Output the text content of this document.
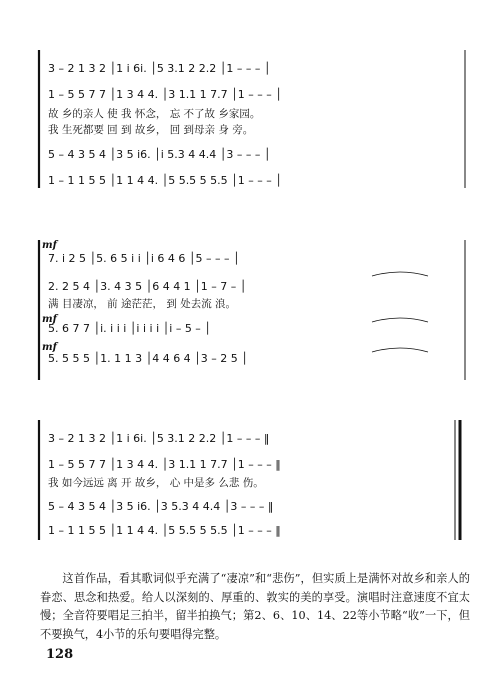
3 – 2 1 3 2 │1 i 6i. │5 3.1 2 2.2 │1 – – – │
1 – 5 5 7 7 │1 3 4 4. │3 1.1 1 7.7 │1 – – – │
故 乡的亲人 使 我 怀念， 忘 不了故 乡家园。
我 生死都要 回 到 故乡， 回 到母亲 身 旁。
5 – 4 3 5 4 │3 5 i6. │i 5.3 4 4.4 │3 – – – │
1 – 1 1 5 5 │1 1 4 4. │5 5.5 5 5.5 │1 – – – │
mf
mf
mf
7. i 2 5 │5. 6 5 i i │i 6 4 6 │5 – – – │
2. 2 5 4 │3. 4 3 5 │6 4 4 1 │1 – 7 – │
满 目凄凉， 前 途茫茫， 到 处去流 浪。
5. 6 7 7 │i. i i i │i i i i │i – 5 – │
5. 5 5 5 │1. 1 1 3 │4 4 6 4 │3 – 2 5 │
3 – 2 1 3 2 │1 i 6i. │5 3.1 2 2.2 │1 – – – ‖
1 – 5 5 7 7 │1 3 4 4. │3 1.1 1 7.7 │1 – – – ‖
我 如今远远 离 开 故乡， 心 中是多 么悲 伤。
5 – 4 3 5 4 │3 5 i6. │3 5.3 4 4.4 │3 – – – ‖
1 – 1 1 5 5 │1 1 4 4. │5 5.5 5 5.5 │1 – – – ‖

这首作品，看其歌词似乎充满了“凄凉”和“悲伤”，但实质上是满怀对故乡和亲人的眷恋、思念和热爱。给人以深刻的、厚重的、敦实的美的享受。演唱时注意速度不宜太慢；全音符要唱足三拍半，留半拍换气；第2、6、10、14、22等小节略“收”一下，但不要换气，4小节的乐句要唱得完整。

128
